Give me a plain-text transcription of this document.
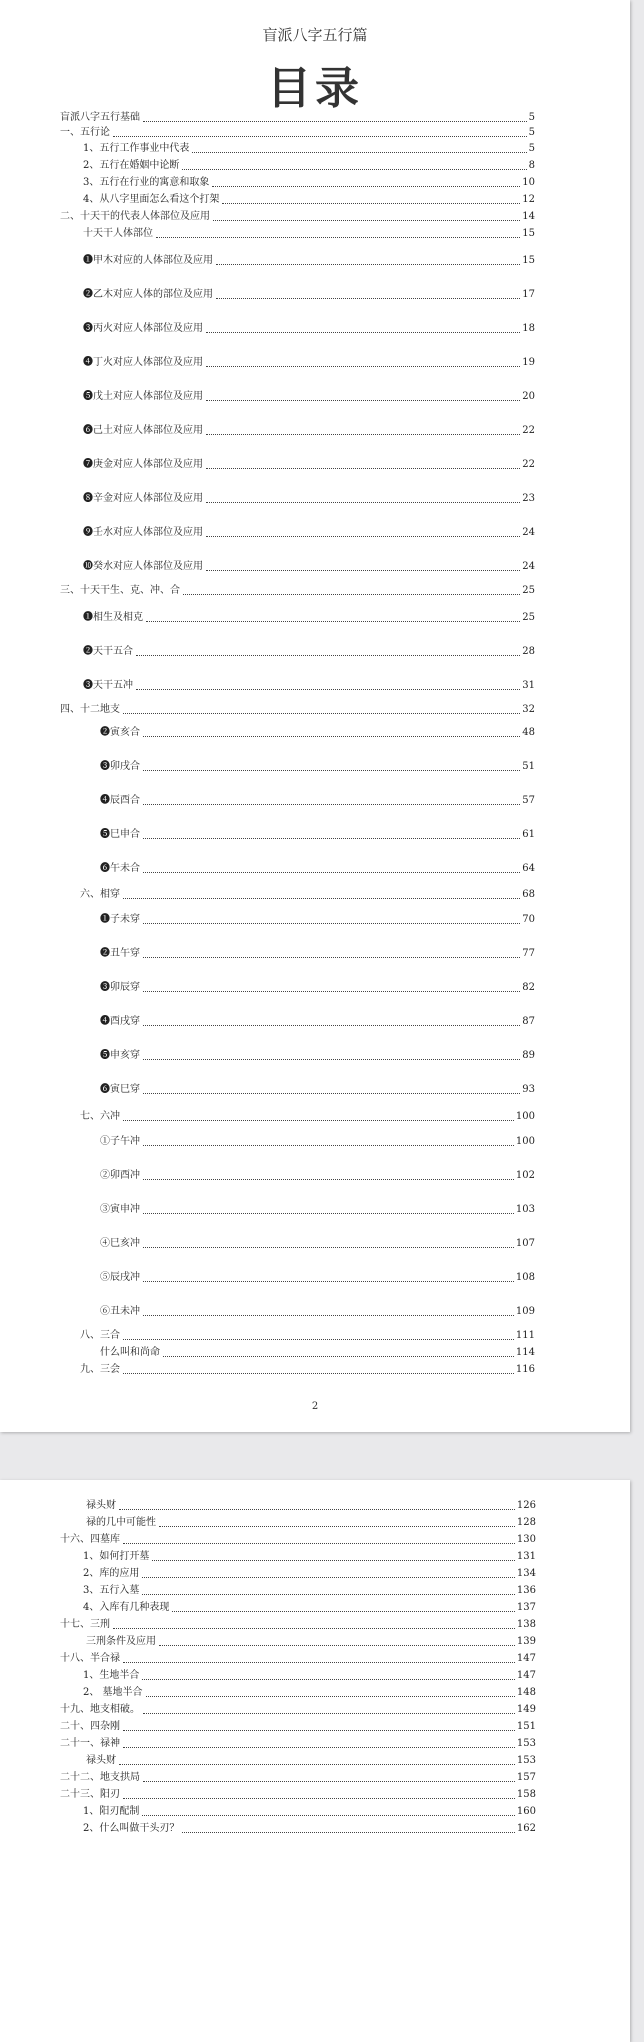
盲派八字五行篇
目录
盲派八字五行基础	5
一、五行论	5
1、五行工作事业中代表	5
2、五行在婚姻中论断	8
3、五行在行业的寓意和取象	10
4、从八字里面怎么看这个打架	12
二、十天干的代表人体部位及应用	14
十天干人体部位	15
❶甲木对应的人体部位及应用	15
❷乙木对应人体的部位及应用	17
❸丙火对应人体部位及应用	18
❹丁火对应人体部位及应用	19
❺戊土对应人体部位及应用	20
❻己土对应人体部位及应用	22
❼庚金对应人体部位及应用	22
❽辛金对应人体部位及应用	23
❾壬水对应人体部位及应用	24
❿癸水对应人体部位及应用	24
三、十天干生、克、冲、合	25
❶相生及相克	25
❷天干五合	28
❸天干五冲	31
四、十二地支	32
❷寅亥合	48
❸卯戌合	51
❹辰酉合	57
❺巳申合	61
❻午未合	64
六、相穿	68
❶子未穿	70
❷丑午穿	77
❸卯辰穿	82
❹酉戌穿	87
❺申亥穿	89
❻寅巳穿	93
七、六冲	100
①子午冲	100
②卯酉冲	102
③寅申冲	103
④巳亥冲	107
⑤辰戌冲	108
⑥丑未冲	109
八、三合	111
什么叫和尚命	114
九、三会	116
2
禄头财	126
禄的几中可能性	128
十六、四墓库	130
1、如何打开墓	131
2、库的应用	134
3、五行入墓	136
4、入库有几种表现	137
十七、三刑	138
三刑条件及应用	139
十八、半合禄	147
1、生地半合	147
2、 墓地半合	148
十九、地支相破。	149
二十、四杂刚	151
二十一、禄神	153
禄头财	153
二十二、地支拱局	157
二十三、阳刃	158
1、阳刃配制	160
2、什么叫做干头刃？	162
